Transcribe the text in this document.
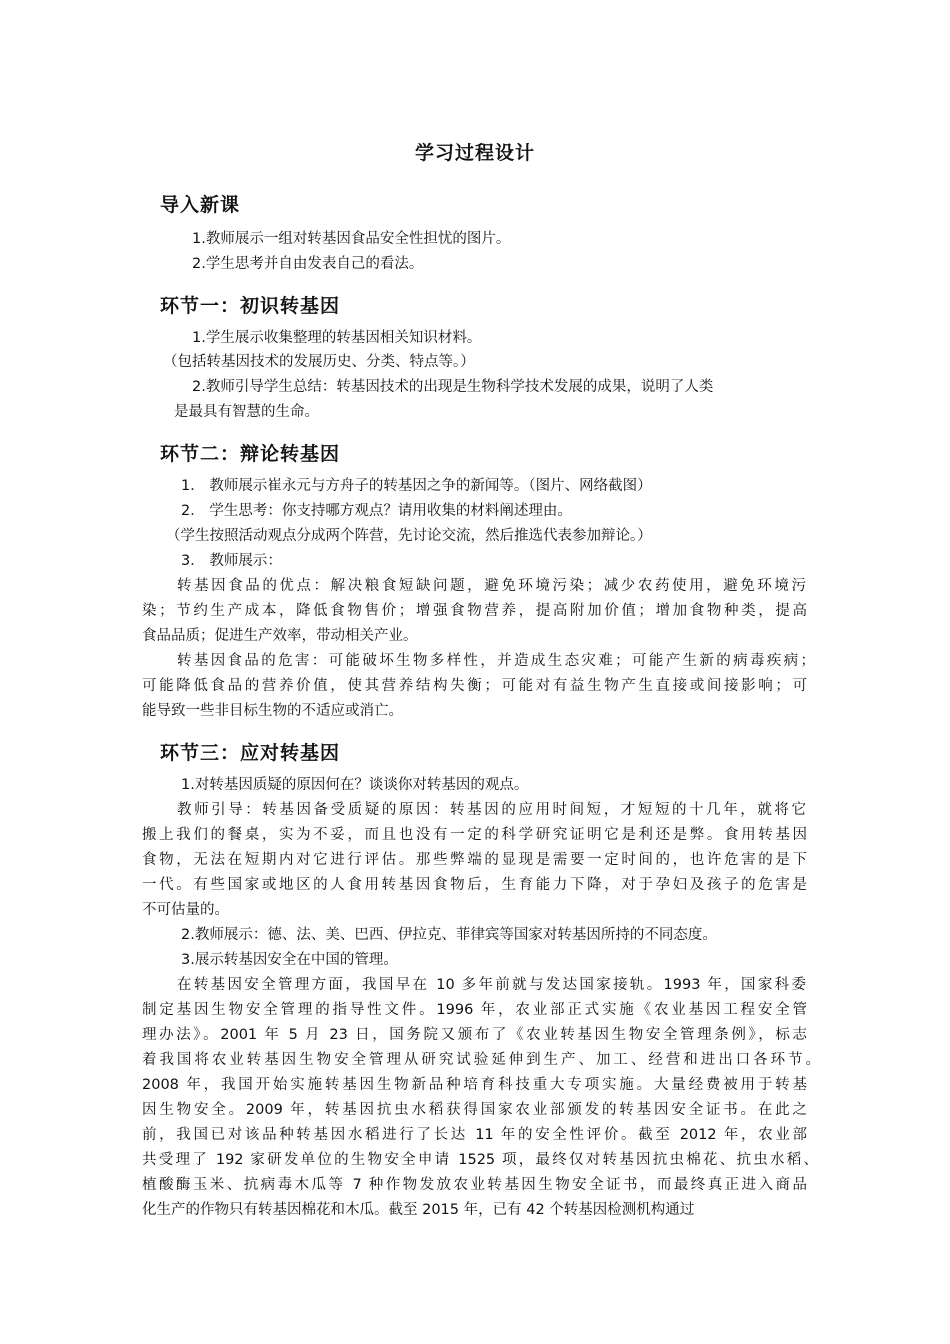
学习过程设计
导入新课
1.教师展示一组对转基因食品安全性担忧的图片。
2.学生思考并自由发表自己的看法。
环节一：初识转基因
1.学生展示收集整理的转基因相关知识材料。
（包括转基因技术的发展历史、分类、特点等。）
2.教师引导学生总结：转基因技术的出现是生物科学技术发展的成果，说明了人类
是最具有智慧的生命。
环节二：辩论转基因
1． 教师展示崔永元与方舟子的转基因之争的新闻等。（图片、网络截图）
2． 学生思考：你支持哪方观点？请用收集的材料阐述理由。
（学生按照活动观点分成两个阵营，先讨论交流，然后推选代表参加辩论。）
3． 教师展示：
转基因食品的优点：解决粮食短缺问题，避免环境污染；减少农药使用，避免环境污
染；节约生产成本，降低食物售价；增强食物营养，提高附加价值；增加食物种类，提高
食品品质；促进生产效率，带动相关产业。
转基因食品的危害：可能破坏生物多样性，并造成生态灾难；可能产生新的病毒疾病；
可能降低食品的营养价值，使其营养结构失衡；可能对有益生物产生直接或间接影响；可
能导致一些非目标生物的不适应或消亡。
环节三：应对转基因
1.对转基因质疑的原因何在？谈谈你对转基因的观点。
教师引导：转基因备受质疑的原因：转基因的应用时间短，才短短的十几年，就将它
搬上我们的餐桌，实为不妥，而且也没有一定的科学研究证明它是利还是弊。食用转基因
食物，无法在短期内对它进行评估。那些弊端的显现是需要一定时间的，也许危害的是下
一代。有些国家或地区的人食用转基因食物后，生育能力下降，对于孕妇及孩子的危害是
不可估量的。
2.教师展示：德、法、美、巴西、伊拉克、菲律宾等国家对转基因所持的不同态度。
3.展示转基因安全在中国的管理。
在转基因安全管理方面，我国早在 10 多年前就与发达国家接轨。1993 年，国家科委
制定基因生物安全管理的指导性文件。1996 年，农业部正式实施《农业基因工程安全管
理办法》。2001 年 5 月 23 日，国务院又颁布了《农业转基因生物安全管理条例》，标志
着我国将农业转基因生物安全管理从研究试验延伸到生产、加工、经营和进出口各环节。
2008 年，我国开始实施转基因生物新品种培育科技重大专项实施。大量经费被用于转基
因生物安全。2009 年，转基因抗虫水稻获得国家农业部颁发的转基因安全证书。在此之
前，我国已对该品种转基因水稻进行了长达 11 年的安全性评价。截至 2012 年，农业部
共受理了 192 家研发单位的生物安全申请 1525 项，最终仅对转基因抗虫棉花、抗虫水稻、
植酸酶玉米、抗病毒木瓜等 7 种作物发放农业转基因生物安全证书，而最终真正进入商品
化生产的作物只有转基因棉花和木瓜。截至 2015 年，已有 42 个转基因检测机构通过
